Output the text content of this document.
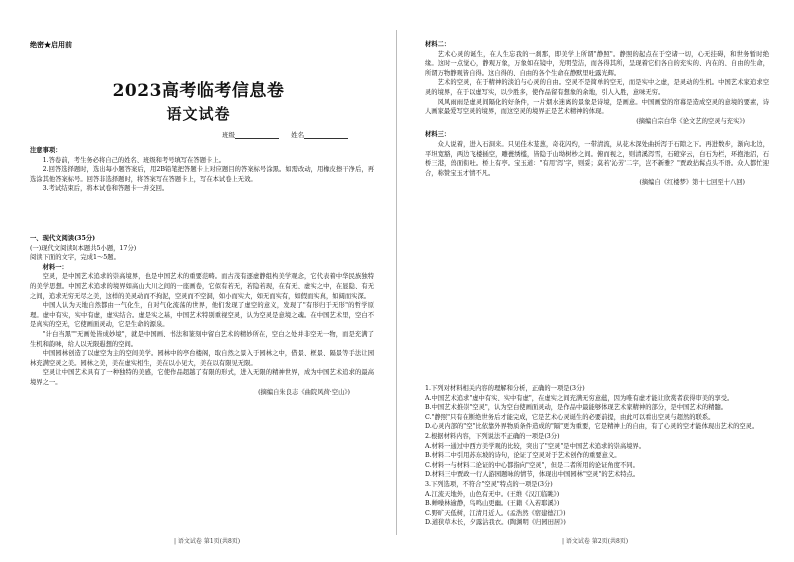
绝密★启用前
2023高考临考信息卷
语文试卷
班级	姓名

注意事项：

1.答卷前，考生务必将自己的姓名、班级和考号填写在答题卡上。

2.回答选择题时，选出每小题答案后，用2B铅笔把答题卡上对应题目的答案标号涂黑。如需改动，用橡皮擦干净后，再选涂其他答案标号。回答非选择题时，将答案写在答题卡上，写在本试卷上无效。

3.考试结束后，将本试卷和答题卡一并交回。

一、现代文阅读(35分)

(一)现代文阅读Ⅰ(本题共5小题，17分)

阅读下面的文字，完成1～5题。

材料一：

空灵，是中国艺术追求的崇高境界，也是中国艺术的重要范畴。而古茂有逐虚静组构美学观念，它代表着中华民族独特的美学思想。中国艺术追求的境界如高山大川之间的一座画卷，它似有若无，若隐若现，在有无、虚实之中，在显隐、有无之间，追求无穷无尽之美，这样的美灵动而不拘泥，空灵而不空洞，如小而实大，如无而实有，如假而实真，如阔而实深。

中国人认为天地自然都由一气化生，自对气化流荡的世界，他们发现了虚空的意义，发现了"有形归于无形"的哲学原理。虚中有实，实中有虚，虚实结合。虚是实之基，中国艺术特别重视空灵，认为空灵是意境之魂。在中国艺术里，空白不是真实的空无，它使画面灵动，它是生命的源泉。

"计白当黑""无画处皆成妙境"，就是中国画、书法和篆刻中留白艺术的精妙所在，空白之处并非空无一物，而是充满了生机和韵味，给人以无限遐想的空间。

中国园林创造了以虚空为主的空间美学。园林中的亭台楼阁，取自然之景入于园林之中，借景、框景、隔景等手法让园林充满空灵之美。园林之美，美在虚实相生，美在以小见大，美在以有限见无限。

空灵让中国艺术具有了一种独特的美感，它使作品超越了有限的形式，进入无限的精神世界，成为中国艺术追求的最高境界之一。

(摘编自朱良志《曲院风荷·空山》)

| 语文试卷 第1页(共8页)

材料二：

艺术心灵的诞生，在人生忘我的一刹那，即美学上所谓"静照"。静照的起点在于空诸一切，心无挂碍，和世务暂时绝缘。这时一点觉心，静观万象，万象如在镜中，光明莹洁，而各得其所，呈现着它们各自的充实的、内在的、自由的生命，所谓万物静观皆自得。这自得的、自由的各个生命在静默里吐露光辉。

艺术的空灵，在于精神的淡泊与心灵的自由。空灵不是简单的空无，而是实中之虚，是灵动的生机。中国艺术家追求空灵的境界，在于以虚写实，以少胜多，使作品留有想象的余地，引人入胜，意味无穷。

风风雨雨是虚灵间隔化的好条件，一片烟水迷离的景象是诗境，是画意。中国画堂的帘幕是造成空灵的意境的要素，诗人画家最爱写空灵的境界，而这空灵的境界正是艺术精神的体现。

(摘编自宗白华《论文艺的空灵与充实》)

材料三：

众人说着，进入石洞来。只见佳木茏葱，奇花闪灼，一带清流，从花木深处曲折泻于石隙之下。再进数步，渐向北边，平坦宽豁，两边飞楼插空，雕甍绣槛，皆隐于山坳树杪之间。俯而视之，则清溪泻雪，石磴穿云，白石为栏，环抱池沼，石桥三港，兽面衔吐。桥上有亭。宝玉道："有用'泻'字，则妥；莫若'沁芳'二字，岂不新雅？"贾政拈髯点头不语。众人都忙迎合，称赞宝玉才情不凡。

(摘编自《红楼梦》第十七回至十八回)

1.下列对材料相关内容的理解和分析，正确的一项是(3分)

A.中国艺术追求"虚中有实、实中有虚"，在虚实之间充满无穷意蕴，因为唯有虚才能让欣赏者获得审美的享受。

B.中国艺术推崇"空灵"，认为空白使画面灵动，是作品中最能够体现艺术家精神的部分，是中国艺术的精髓。

C."静照"只有在断绝世务后才能完成，它是艺术心灵诞生的必要前提，由此可以看出空灵与超然的联系。

D.心灵内部的"空"比依靠外界物质条件造成的"隔"更为重要，它是精神上的自由，有了心灵的空才能体现出艺术的空灵。

2.根据材料内容，下列说法不正确的一项是(3分)

A.材料一通过中西方美学观的比较，突出了"空灵"是中国艺术追求的崇高境界。

B.材料二中引用苏东坡的诗句，论证了空灵对于艺术创作的重要意义。

C.材料一与材料二论证的中心都指向"空灵"，但是二者所用的论证角度不同。

D.材料三中贾政一行人游园题咏的情节，体现出中国园林"空灵"的艺术特点。

3.下列选项，不符合"空灵"特点的一项是(3分)

A.江流天地外，山色有无中。(王维《汉江临眺》)

B.蝉噪林逾静，鸟鸣山更幽。(王籍《入若耶溪》)

C.野旷天低树，江清月近人。(孟浩然《宿建德江》)

D.道狭草木长，夕露沾我衣。(陶渊明《归园田居》)

| 语文试卷 第2页(共8页)
